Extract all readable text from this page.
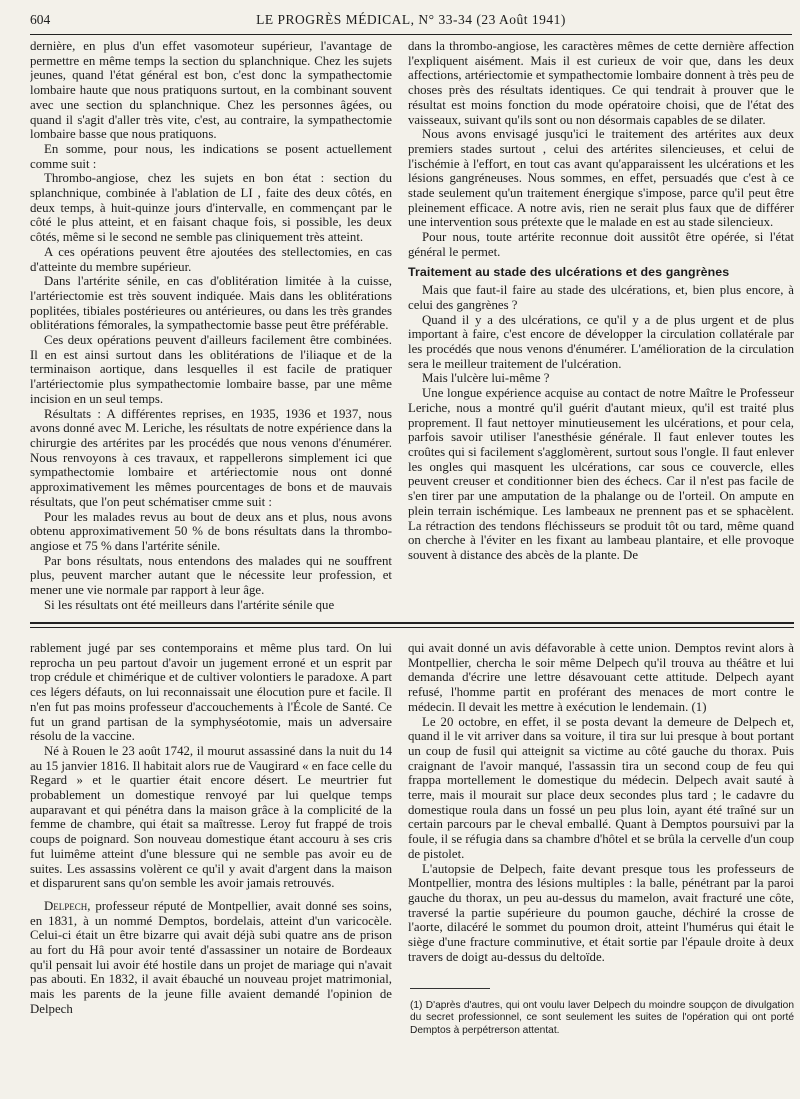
604	LE PROGRÈS MÉDICAL, N° 33-34 (23 Août 1941)

dernière, en plus d'un effet vasomoteur supérieur, l'avantage de permettre en même temps la section du splanchnique. Chez les sujets jeunes, quand l'état général est bon, c'est donc la sympathectomie lombaire haute que nous pratiquons surtout, en la combinant souvent avec une section du splanchnique. Chez les personnes âgées, ou quand il s'agit d'aller très vite, c'est, au contraire, la sympathectomie lombaire basse que nous pratiquons.

En somme, pour nous, les indications se posent actuellement comme suit :

Thrombo-angiose, chez les sujets en bon état : section du splanchnique, combinée à l'ablation de LI , faite des deux côtés, en deux temps, à huit-quinze jours d'intervalle, en commençant par le côté le plus atteint, et en faisant chaque fois, si possible, les deux côtés, même si le second ne semble pas cliniquement très atteint.

A ces opérations peuvent être ajoutées des stellectomies, en cas d'atteinte du membre supérieur.

Dans l'artérite sénile, en cas d'oblitération limitée à la cuisse, l'artériectomie est très souvent indiquée. Mais dans les oblitérations poplitées, tibiales postérieures ou antérieures, ou dans les très grandes oblitérations fémorales, la sympathectomie basse peut être préférable.

Ces deux opérations peuvent d'ailleurs facilement être combinées. Il en est ainsi surtout dans les oblitérations de l'iliaque et de la terminaison aortique, dans lesquelles il est facile de pratiquer l'artériectomie plus sympathectomie lombaire basse, par une même incision en un seul temps.

Résultats : A différentes reprises, en 1935, 1936 et 1937, nous avons donné avec M. Leriche, les résultats de notre expérience dans la chirurgie des artérites par les procédés que nous venons d'énumérer. Nous renvoyons à ces travaux, et rappellerons simplement ici que sympathectomie lombaire et artériectomie nous ont donné approximativement les mêmes pourcentages de bons et de mauvais résultats, que l'on peut schématiser cmme suit :

Pour les malades revus au bout de deux ans et plus, nous avons obtenu approximativement 50 % de bons résultats dans la thrombo-angiose et 75 % dans l'artérite sénile.

Par bons résultats, nous entendons des malades qui ne souffrent plus, peuvent marcher autant que le nécessite leur profession, et mener une vie normale par rapport à leur âge.

Si les résultats ont été meilleurs dans l'artérite sénile que

dans la thrombo-angiose, les caractères mêmes de cette dernière affection l'expliquent aisément. Mais il est curieux de voir que, dans les deux affections, artériectomie et sympathectomie lombaire donnent à très peu de choses près des résultats identiques. Ce qui tendrait à prouver que le résultat est moins fonction du mode opératoire choisi, que de l'état des vaisseaux, suivant qu'ils sont ou non désormais capables de se dilater.

Nous avons envisagé jusqu'ici le traitement des artérites aux deux premiers stades surtout , celui des artérites silencieuses, et celui de l'ischémie à l'effort, en tout cas avant qu'apparaissent les ulcérations et les lésions gangréneuses. Nous sommes, en effet, persuadés que c'est à ce stade seulement qu'un traitement énergique s'impose, parce qu'il peut être pleinement efficace. A notre avis, rien ne serait plus faux que de différer une intervention sous prétexte que le malade en est au stade silencieux.

Pour nous, toute artérite reconnue doit aussitôt être opérée, si l'état général le permet.

Traitement au stade des ulcérations et des gangrènes

Mais que faut-il faire au stade des ulcérations, et, bien plus encore, à celui des gangrènes ?

Quand il y a des ulcérations, ce qu'il y a de plus urgent et de plus important à faire, c'est encore de développer la circulation collatérale par les procédés que nous venons d'énumérer. L'amélioration de la circulation sera le meilleur traitement de l'ulcération.

Mais l'ulcère lui-même ?

Une longue expérience acquise au contact de notre Maître le Professeur Leriche, nous a montré qu'il guérit d'autant mieux, qu'il est traité plus proprement. Il faut nettoyer minutieusement les ulcérations, et pour cela, parfois savoir utiliser l'anesthésie générale. Il faut enlever toutes les croûtes qui si facilement s'agglomèrent, surtout sous l'ongle. Il faut enlever les ongles qui masquent les ulcérations, car sous ce couvercle, elles peuvent creuser et conditionner bien des échecs. Car il n'est pas facile de s'en tirer par une amputation de la phalange ou de l'orteil. On ampute en plein terrain ischémique. Les lambeaux ne prennent pas et se sphacèlent. La rétraction des tendons fléchisseurs se produit tôt ou tard, même quand on cherche à l'éviter en les fixant au lambeau plantaire, et elle provoque souvent à distance des abcès de la plante. De

rablement jugé par ses contemporains et même plus tard. On lui reprocha un peu partout d'avoir un jugement erroné et un esprit par trop crédule et chimérique et de cultiver volontiers le paradoxe. A part ces légers défauts, on lui reconnaissait une élocution pure et facile. Il n'en fut pas moins professeur d'accouchements à l'École de Santé. Ce fut un grand partisan de la symphyséotomie, mais un adversaire résolu de la vaccine.

Né à Rouen le 23 août 1742, il mourut assassiné dans la nuit du 14 au 15 janvier 1816. Il habitait alors rue de Vaugirard « en face celle du Regard » et le quartier était encore désert. Le meurtrier fut probablement un domestique renvoyé par lui quelque temps auparavant et qui pénétra dans la maison grâce à la complicité de la femme de chambre, qui était sa maîtresse. Leroy fut frappé de trois coups de poignard. Son nouveau domestique étant accouru à ses cris fut luimême atteint d'une blessure qui ne semble pas avoir eu de suites. Les assassins volèrent ce qu'il y avait d'argent dans la maison et disparurent sans qu'on semble les avoir jamais retrouvés.

Delpech, professeur réputé de Montpellier, avait donné ses soins, en 1831, à un nommé Demptos, bordelais, atteint d'un varicocèle. Celui-ci était un être bizarre qui avait déjà subi quatre ans de prison au fort du Hâ pour avoir tenté d'assassiner un notaire de Bordeaux qu'il pensait lui avoir été hostile dans un projet de mariage qui n'avait pas abouti. En 1832, il avait ébauché un nouveau projet matrimonial, mais les parents de la jeune fille avaient demandé l'opinion de Delpech

qui avait donné un avis défavorable à cette union. Demptos revint alors à Montpellier, chercha le soir même Delpech qu'il trouva au théâtre et lui demanda d'écrire une lettre désavouant cette attitude. Delpech ayant refusé, l'homme partit en proférant des menaces de mort contre le médecin. Il devait les mettre à exécution le lendemain. (1)

Le 20 octobre, en effet, il se posta devant la demeure de Delpech et, quand il le vit arriver dans sa voiture, il tira sur lui presque à bout portant un coup de fusil qui atteignit sa victime au côté gauche du thorax. Puis craignant de l'avoir manqué, l'assassin tira un second coup de feu qui frappa mortellement le domestique du médecin. Delpech avait sauté à terre, mais il mourait sur place deux secondes plus tard ; le cadavre du domestique roula dans un fossé un peu plus loin, ayant été traîné sur un certain parcours par le cheval emballé. Quant à Demptos poursuivi par la foule, il se réfugia dans sa chambre d'hôtel et se brûla la cervelle d'un coup de pistolet.

L'autopsie de Delpech, faite devant presque tous les professeurs de Montpellier, montra des lésions multiples : la balle, pénétrant par la paroi gauche du thorax, un peu au-dessus du mamelon, avait fracturé une côte, traversé la partie supérieure du poumon gauche, déchiré la crosse de l'aorte, dilacéré le sommet du poumon droit, atteint l'humérus qui était le siège d'une fracture comminutive, et était sortie par l'épaule droite à deux travers de doigt au-dessus du deltoïde.

(1) D'après d'autres, qui ont voulu laver Delpech du moindre soupçon de divulgation du secret professionnel, ce sont seulement les suites de l'opération qui ont porté Demptos à perpétrerson attentat.
